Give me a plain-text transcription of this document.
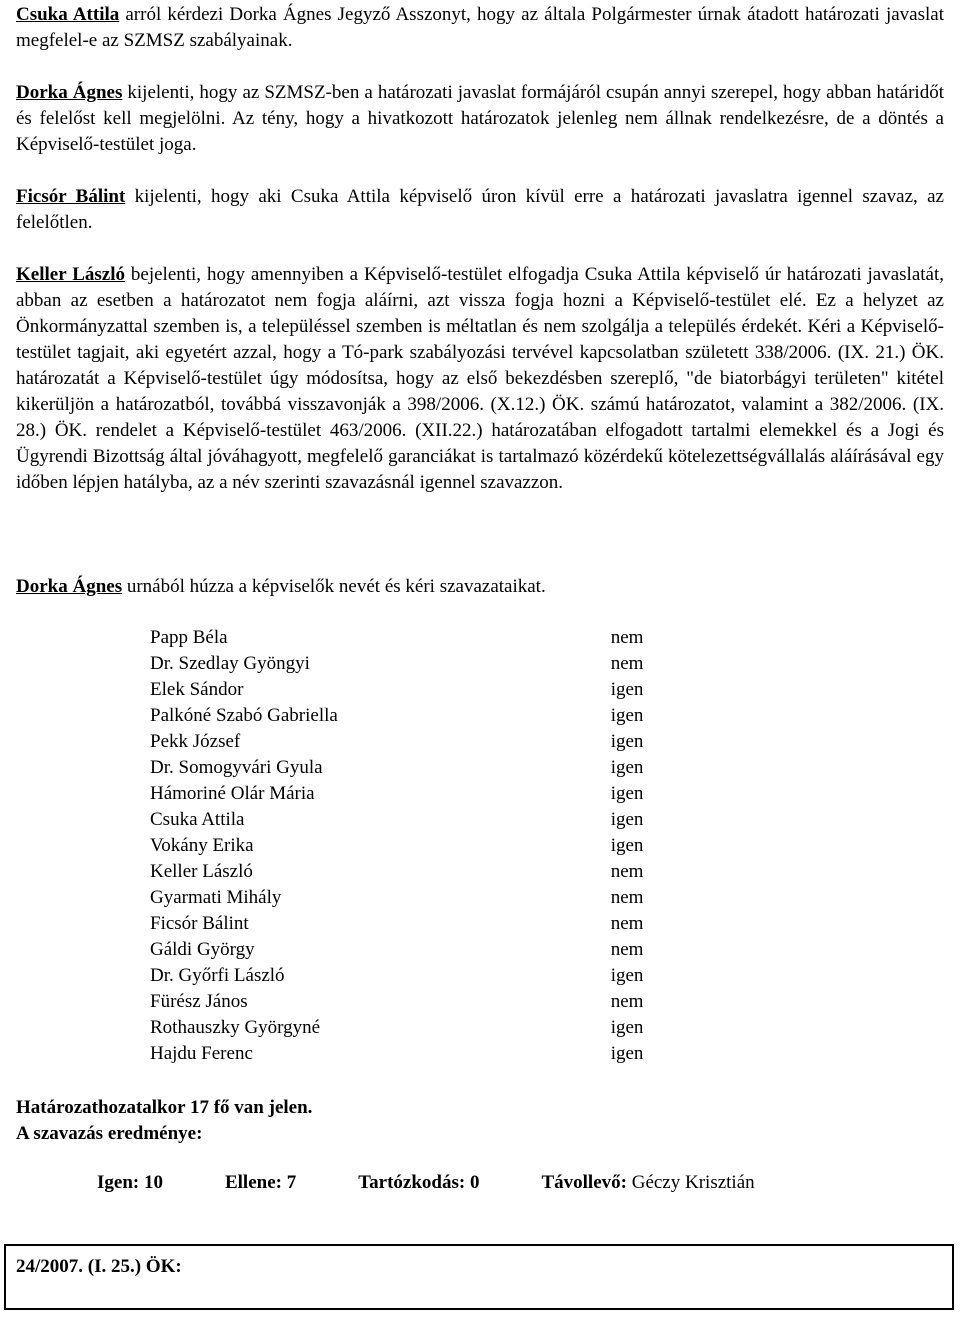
Csuka Attila arról kérdezi Dorka Ágnes Jegyző Asszonyt, hogy az általa Polgármester úrnak átadott határozati javaslat megfelel-e az SZMSZ szabályainak.
Dorka Ágnes kijelenti, hogy az SZMSZ-ben a határozati javaslat formájáról csupán annyi szerepel, hogy abban határidőt és felelőst kell megjelölni. Az tény, hogy a hivatkozott határozatok jelenleg nem állnak rendelkezésre, de a döntés a Képviselő-testület joga.
Ficsór Bálint kijelenti, hogy aki Csuka Attila képviselő úron kívül erre a határozati javaslatra igennel szavaz, az felelőtlen.
Keller László bejelenti, hogy amennyiben a Képviselő-testület elfogadja Csuka Attila képviselő úr határozati javaslatát, abban az esetben a határozatot nem fogja aláírni, azt vissza fogja hozni a Képviselő-testület elé. Ez a helyzet az Önkormányzattal szemben is, a településsel szemben is méltatlan és nem szolgálja a település érdekét. Kéri a Képviselő-testület tagjait, aki egyetért azzal, hogy a Tó-park szabályozási tervével kapcsolatban született 338/2006. (IX. 21.) ÖK. határozatát a Képviselő-testület úgy módosítsa, hogy az első bekezdésben szereplő, "de biatorbágyi területen" kitétel kikerüljön a határozatból, továbbá visszavonják a 398/2006. (X.12.) ÖK. számú határozatot, valamint a 382/2006. (IX. 28.) ÖK. rendelet a Képviselő-testület 463/2006. (XII.22.) határozatában elfogadott tartalmi elemekkel és a Jogi és Ügyrendi Bizottság által jóváhagyott, megfelelő garanciákat is tartalmazó közérdekű kötelezettségvállalás aláírásával egy időben lépjen hatályba, az a név szerinti szavazásnál igennel szavazzon.
Dorka Ágnes urnából húzza a képviselők nevét és kéri szavazataikat.
Papp Béla	nem
Dr. Szedlay Gyöngyi	nem
Elek Sándor	igen
Palkóné Szabó Gabriella	igen
Pekk József	igen
Dr. Somogyvári Gyula	igen
Hámoriné Olár Mária	igen
Csuka Attila	igen
Vokány Erika	igen
Keller László	nem
Gyarmati Mihály	nem
Ficsór Bálint	nem
Gáldi György	nem
Dr. Győrfi László	igen
Fürész János	nem
Rothauszky Györgyné	igen
Hajdu Ferenc	igen
Határozathozatalkor 17 fő van jelen.
A szavazás eredménye:
Igen: 10	Ellene: 7	Tartózkodás: 0	Távollevő: Géczy Krisztián
24/2007. (I. 25.) ÖK:
